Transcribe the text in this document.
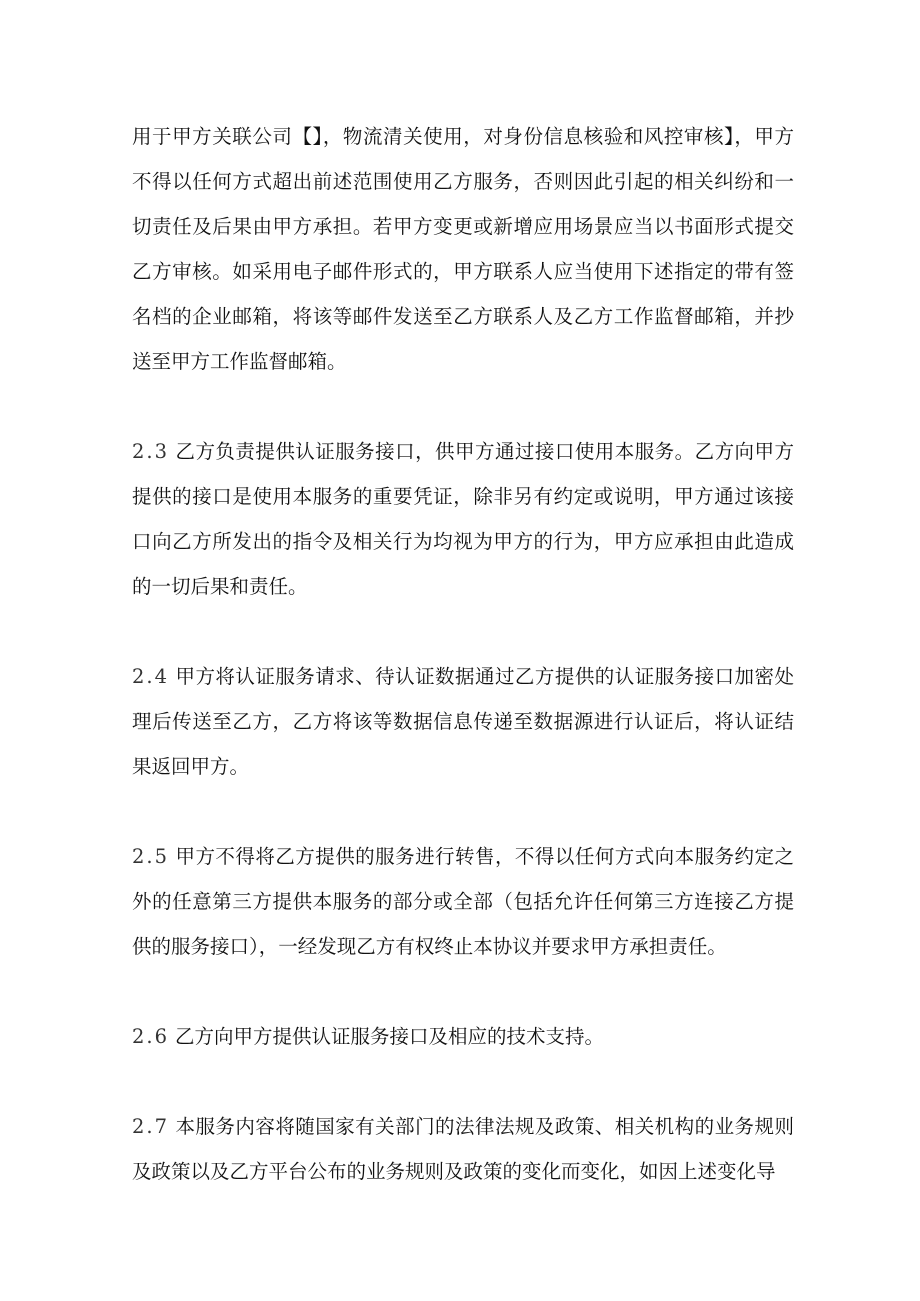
用于甲方关联公司【】，物流清关使用，对身份信息核验和风控审核】，甲方不得以任何方式超出前述范围使用乙方服务，否则因此引起的相关纠纷和一切责任及后果由甲方承担。若甲方变更或新增应用场景应当以书面形式提交乙方审核。如采用电子邮件形式的，甲方联系人应当使用下述指定的带有签名档的企业邮箱，将该等邮件发送至乙方联系人及乙方工作监督邮箱，并抄送至甲方工作监督邮箱。

2.3 乙方负责提供认证服务接口，供甲方通过接口使用本服务。乙方向甲方提供的接口是使用本服务的重要凭证，除非另有约定或说明，甲方通过该接口向乙方所发出的指令及相关行为均视为甲方的行为，甲方应承担由此造成的一切后果和责任。

2.4 甲方将认证服务请求、待认证数据通过乙方提供的认证服务接口加密处理后传送至乙方，乙方将该等数据信息传递至数据源进行认证后，将认证结果返回甲方。

2.5 甲方不得将乙方提供的服务进行转售，不得以任何方式向本服务约定之外的任意第三方提供本服务的部分或全部（包括允许任何第三方连接乙方提供的服务接口），一经发现乙方有权终止本协议并要求甲方承担责任。

2.6 乙方向甲方提供认证服务接口及相应的技术支持。

2.7 本服务内容将随国家有关部门的法律法规及政策、相关机构的业务规则及政策以及乙方平台公布的业务规则及政策的变化而变化，如因上述变化导
